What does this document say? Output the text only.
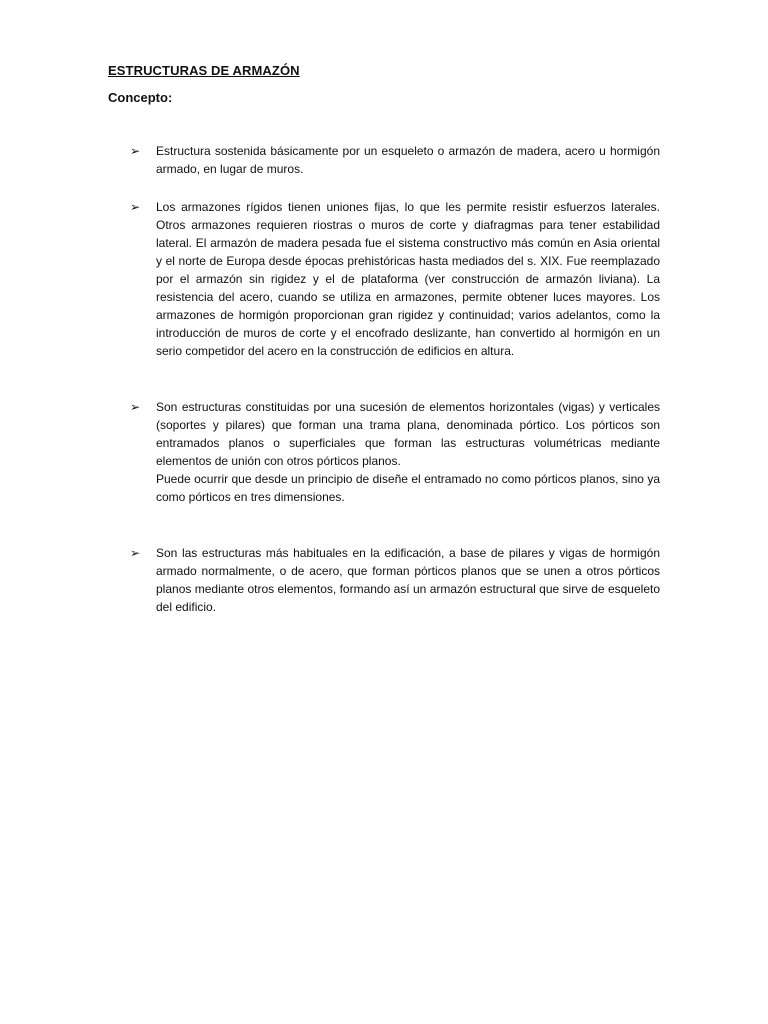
ESTRUCTURAS DE ARMAZÓN
Concepto:
➢ Estructura sostenida básicamente por un esqueleto o armazón de madera, acero u hormigón armado, en lugar de muros.
➢ Los armazones rígidos tienen uniones fijas, lo que les permite resistir esfuerzos laterales. Otros armazones requieren riostras o muros de corte y diafragmas para tener estabilidad lateral. El armazón de madera pesada fue el sistema constructivo más común en Asia oriental y el norte de Europa desde épocas prehistóricas hasta mediados del s. XIX. Fue reemplazado por el armazón sin rigidez y el de plataforma (ver construcción de armazón liviana). La resistencia del acero, cuando se utiliza en armazones, permite obtener luces mayores. Los armazones de hormigón proporcionan gran rigidez y continuidad; varios adelantos, como la introducción de muros de corte y el encofrado deslizante, han convertido al hormigón en un serio competidor del acero en la construcción de edificios en altura.
➢ Son estructuras constituidas por una sucesión de elementos horizontales (vigas) y verticales (soportes y pilares) que forman una trama plana, denominada pórtico. Los pórticos son entramados planos o superficiales que forman las estructuras volumétricas mediante elementos de unión con otros pórticos planos.
Puede ocurrir que desde un principio de diseñe el entramado no como pórticos planos, sino ya como pórticos en tres dimensiones.
➢ Son las estructuras más habituales en la edificación, a base de pilares y vigas de hormigón armado normalmente, o de acero, que forman pórticos planos que se unen a otros pórticos planos mediante otros elementos, formando así un armazón estructural que sirve de esqueleto del edificio.
